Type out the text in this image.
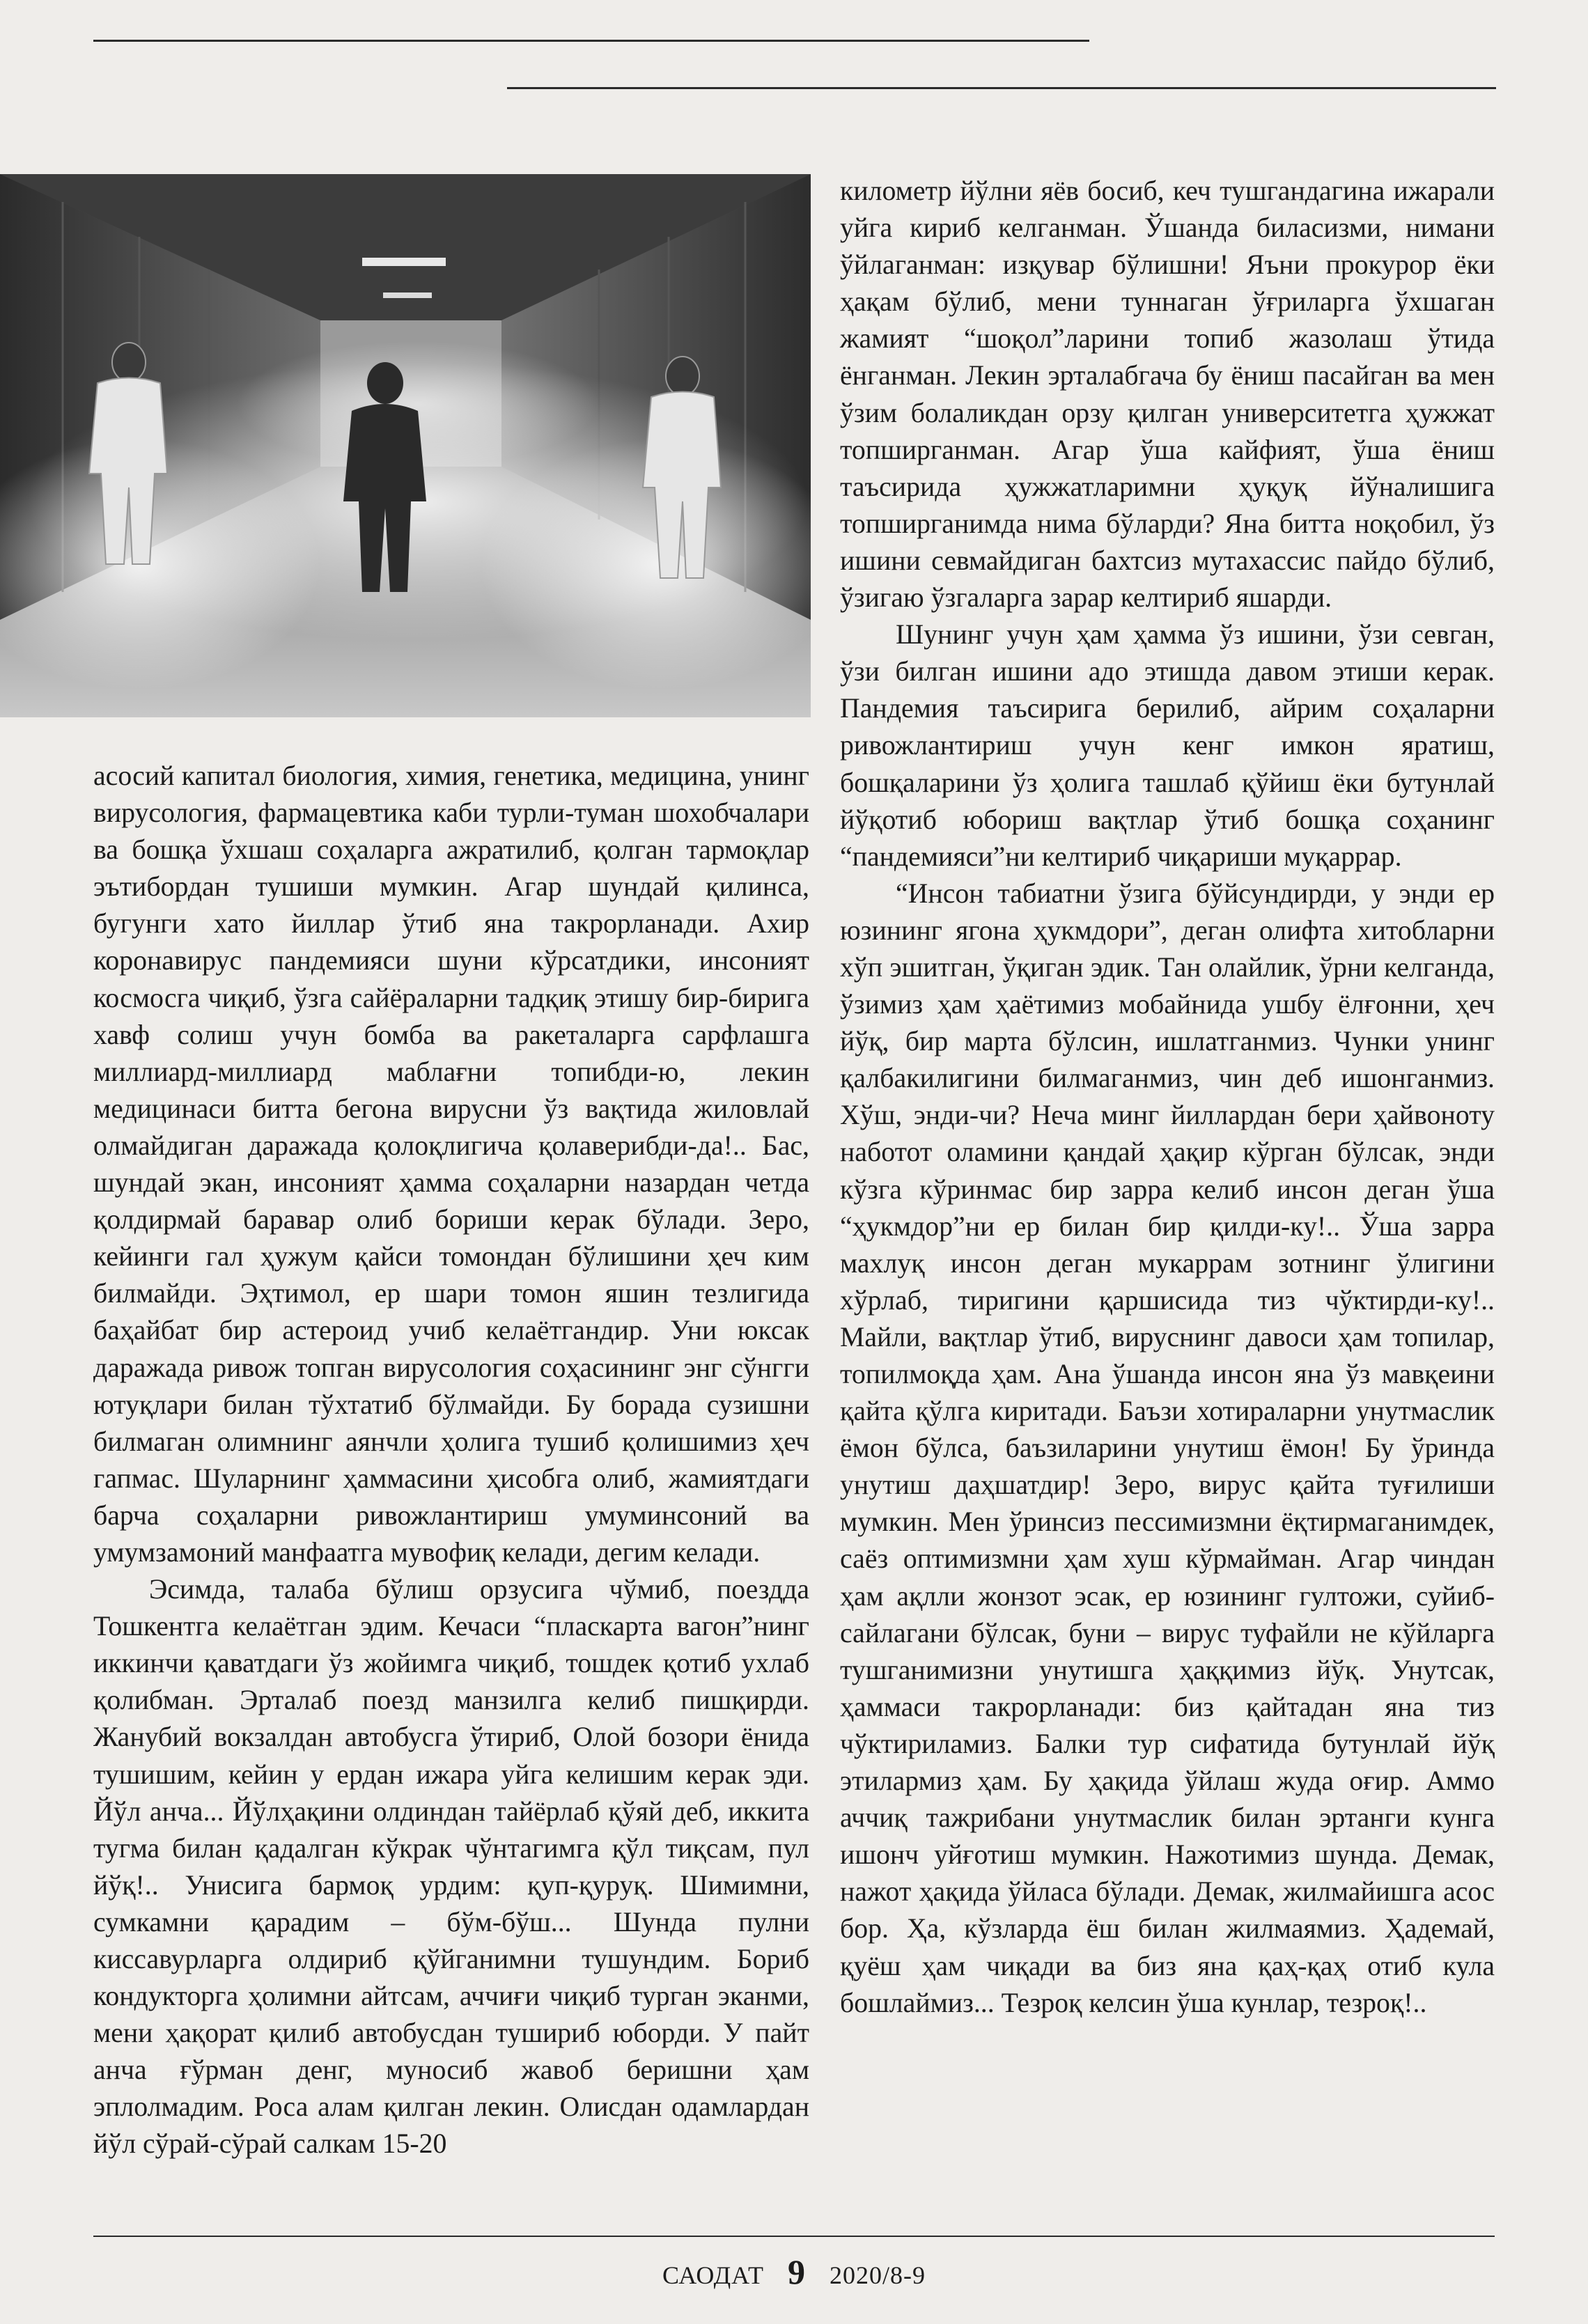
асосий капитал биология, химия, генетика, медицина, унинг вирусология, фармацевтика каби турли-туман шохобчалари ва бошқа ўхшаш соҳаларга ажратилиб, қолган тармоқлар эътибордан тушиши мумкин. Агар шундай қилинса, бугунги хато йиллар ўтиб яна такрорланади. Ахир коронавирус пандемияси шуни кўрсатдики, инсоният космосга чиқиб, ўзга сайёраларни тадқиқ этишу бир-бирига хавф солиш учун бомба ва ракеталарга сарфлашга миллиард-миллиард маблағни топибди-ю, лекин медицинаси битта бегона вирусни ўз вақтида жиловлай олмайдиган даражада қолоқлигича қолаверибди-да!.. Бас, шундай экан, инсоният ҳамма соҳаларни назардан четда қолдирмай баравар олиб бориши керак бўлади. Зеро, кейинги гал ҳужум қайси томондан бўлишини ҳеч ким билмайди. Эҳтимол, ер шари томон яшин тезлигида баҳайбат бир астероид учиб келаётгандир. Уни юксак даражада ривож топган вирусология соҳасининг энг сўнгги ютуқлари билан тўхтатиб бўлмайди. Бу борада сузишни билмаган олимнинг аянчли ҳолига тушиб қолишимиз ҳеч гапмас. Шуларнинг ҳаммасини ҳисобга олиб, жамиятдаги барча соҳаларни ривожлантириш умуминсоний ва умумзамоний манфаатга мувофиқ келади, дегим келади.

Эсимда, талаба бўлиш орзусига чўмиб, поездда Тошкентга келаётган эдим. Кечаси “пласкарта вагон”нинг иккинчи қаватдаги ўз жойимга чиқиб, тошдек қотиб ухлаб қолибман. Эрталаб поезд манзилга келиб пишқирди. Жанубий вокзалдан автобусга ўтириб, Олой бозори ёнида тушишим, кейин у ердан ижара уйга келишим керак эди. Йўл анча... Йўлҳақини олдиндан тайёрлаб қўяй деб, иккита тугма билан қадалган кўкрак чўнтагимга қўл тиқсам, пул йўқ!.. Унисига бармоқ урдим: қуп-қуруқ. Шимимни, сумкамни қарадим – бўм-бўш... Шунда пулни киссавурларга олдириб қўйганимни тушундим. Бориб кондукторга ҳолимни айтсам, аччиғи чиқиб турган эканми, мени ҳақорат қилиб автобусдан тушириб юборди. У пайт анча ғўрман денг, муносиб жавоб беришни ҳам эплолмадим. Роса алам қилган лекин. Олисдан одамлардан йўл сўрай-сўрай салкам 15-20

километр йўлни яёв босиб, кеч тушгандагина ижарали уйга кириб келганман. Ўшанда биласизми, нимани ўйлаганман: изқувар бўлишни! Яъни прокурор ёки ҳақам бўлиб, мени туннаган ўғриларга ўхшаган жамият “шоқол”ларини топиб жазолаш ўтида ёнганман. Лекин эрталабгача бу ёниш пасайган ва мен ўзим болаликдан орзу қилган университетга ҳужжат топширганман. Агар ўша кайфият, ўша ёниш таъсирида ҳужжатларимни ҳуқуқ йўналишига топширганимда нима бўларди? Яна битта ноқобил, ўз ишини севмайдиган бахтсиз мутахассис пайдо бўлиб, ўзигаю ўзгаларга зарар келтириб яшарди.

Шунинг учун ҳам ҳамма ўз ишини, ўзи севган, ўзи билган ишини адо этишда давом этиши керак. Пандемия таъсирига берилиб, айрим соҳаларни ривожлантириш учун кенг имкон яратиш, бошқаларини ўз ҳолига ташлаб қўйиш ёки бутунлай йўқотиб юбориш вақтлар ўтиб бошқа соҳанинг “пандемияси”ни келтириб чиқариши муқаррар.

“Инсон табиатни ўзига бўйсундирди, у энди ер юзининг ягона ҳукмдори”, деган олифта хитобларни хўп эшитган, ўқиган эдик. Тан олайлик, ўрни келганда, ўзимиз ҳам ҳаётимиз мобайнида ушбу ёлғонни, ҳеч йўқ, бир марта бўлсин, ишлатганмиз. Чунки унинг қалбакилигини билмаганмиз, чин деб ишонганмиз. Хўш, энди-чи? Неча минг йиллардан бери ҳайвоноту наботот оламини қандай ҳақир кўрган бўлсак, энди кўзга кўринмас бир зарра келиб инсон деган ўша “ҳукмдор”ни ер билан бир қилди-ку!.. Ўша зарра махлуқ инсон деган мукаррам зотнинг ўлигини хўрлаб, тиригини қаршисида тиз чўктирди-ку!.. Майли, вақтлар ўтиб, вируснинг давоси ҳам топилар, топилмоқда ҳам. Ана ўшанда инсон яна ўз мавқеини қайта қўлга киритади. Баъзи хотираларни унутмаслик ёмон бўлса, баъзиларини унутиш ёмон! Бу ўринда унутиш даҳшатдир! Зеро, вирус қайта туғилиши мумкин. Мен ўринсиз пессимизмни ёқтирмаганимдек, саёз оптимизмни ҳам хуш кўрмайман. Агар чиндан ҳам ақлли жонзот эсак, ер юзининг гултожи, суйиб-сайлагани бўлсак, буни – вирус туфайли не кўйларга тушганимизни унутишга ҳаққимиз йўқ. Унутсак, ҳаммаси такрорланади: биз қайтадан яна тиз чўктириламиз. Балки тур сифатида бутунлай йўқ этилармиз ҳам. Бу ҳақида ўйлаш жуда оғир. Аммо аччиқ тажрибани унутмаслик билан эртанги кунга ишонч уйғотиш мумкин. Нажотимиз шунда. Демак, нажот ҳақида ўйласа бўлади. Демак, жилмайишга асос бор. Ҳа, кўзларда ёш билан жилмаямиз. Ҳадемай, қуёш ҳам чиқади ва биз яна қаҳ-қаҳ отиб кула бошлаймиз... Тезроқ келсин ўша кунлар, тезроқ!..

САОДАТ 9 2020/8-9
